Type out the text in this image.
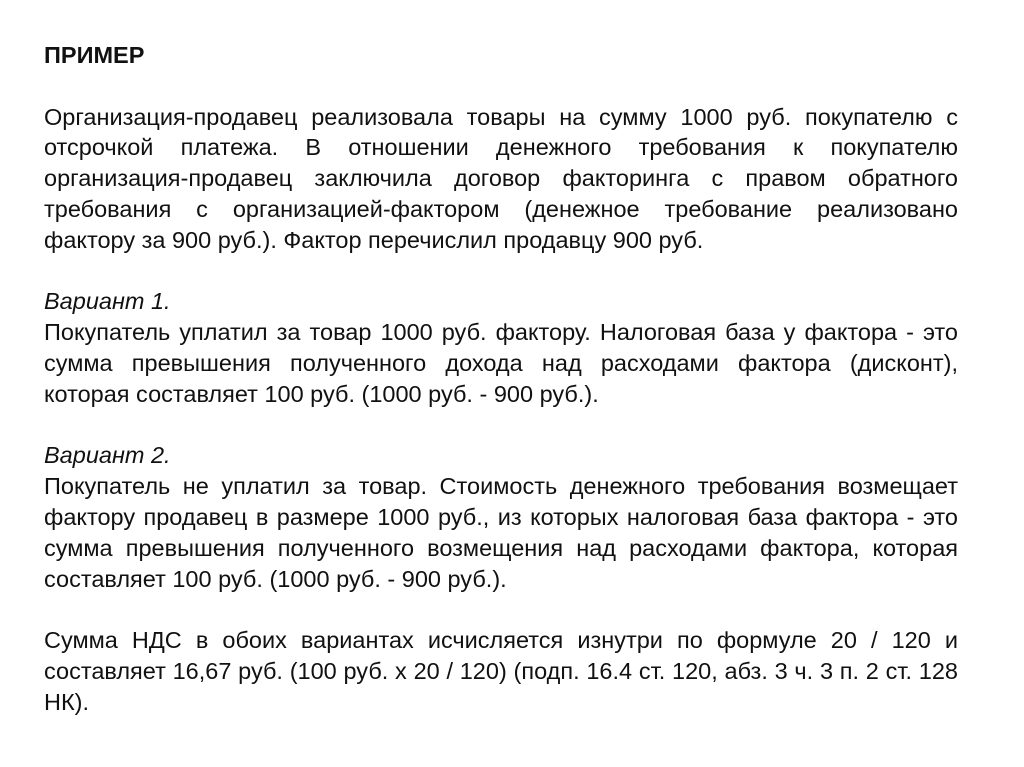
ПРИМЕР

Организация-продавец реализовала товары на сумму 1000 руб. покупателю с отсрочкой платежа. В отношении денежного требования к покупателю организация-продавец заключила договор факторинга с правом обратного требования с организацией-фактором (денежное требование реализовано фактору за 900 руб.). Фактор перечислил продавцу 900 руб.

Вариант 1.

Покупатель уплатил за товар 1000 руб. фактору. Налоговая база у фактора - это сумма превышения полученного дохода над расходами фактора (дисконт), которая составляет 100 руб. (1000 руб. - 900 руб.).

Вариант 2.

Покупатель не уплатил за товар. Стоимость денежного требования возмещает фактору продавец в размере 1000 руб., из которых налоговая база фактора - это сумма превышения полученного возмещения над расходами фактора, которая составляет 100 руб. (1000 руб. - 900 руб.).

Сумма НДС в обоих вариантах исчисляется изнутри по формуле 20 / 120 и составляет 16,67 руб. (100 руб. х 20 / 120) (подп. 16.4 ст. 120, абз. 3 ч. 3 п. 2 ст. 128 НК).
